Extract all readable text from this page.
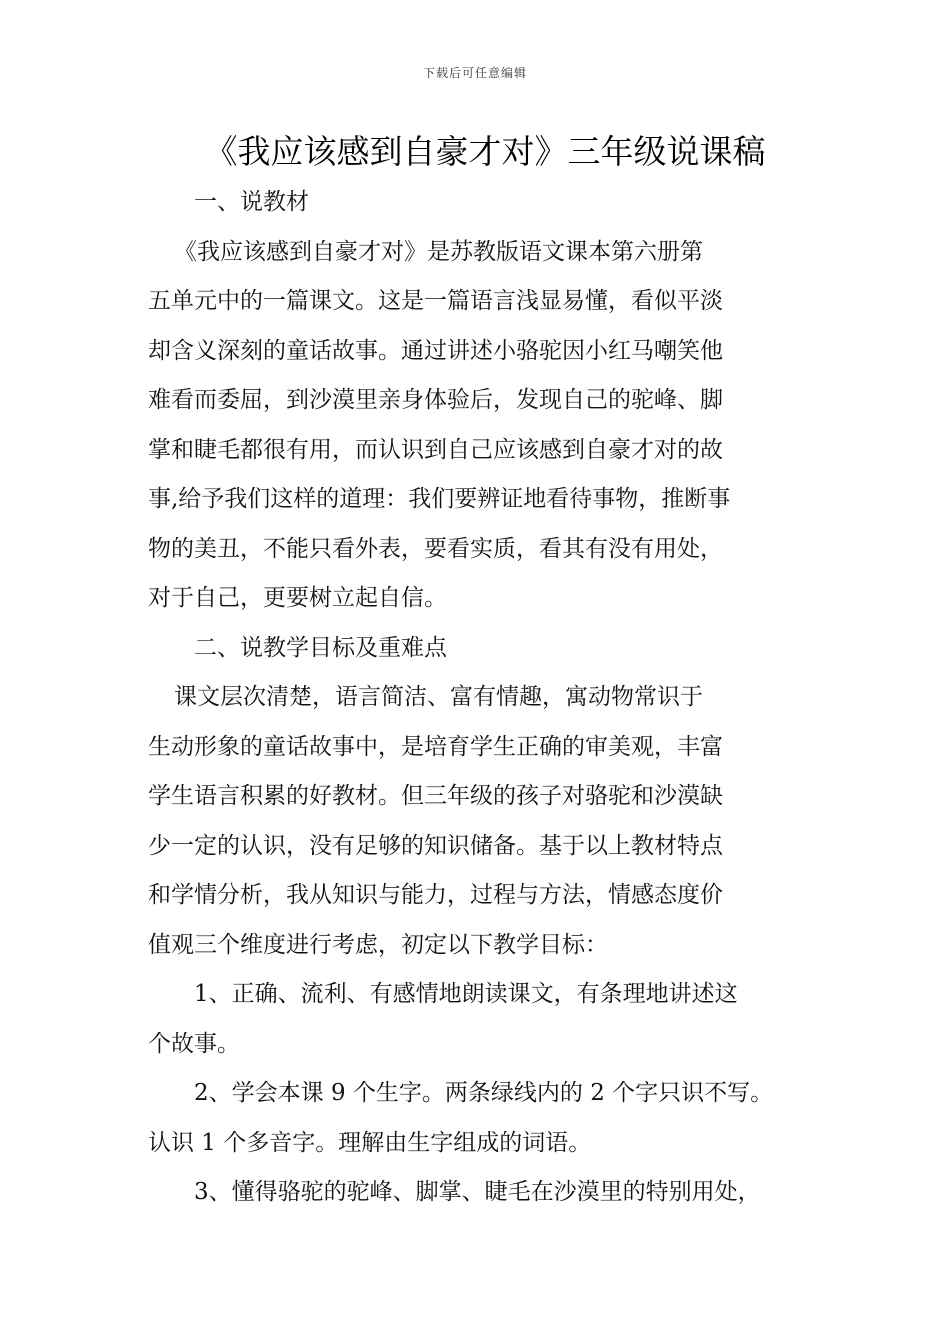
下载后可任意编辑
《我应该感到自豪才对》三年级说课稿

一、说教材

《我应该感到自豪才对》是苏教版语文课本第六册第

五单元中的一篇课文。这是一篇语言浅显易懂，看似平淡

却含义深刻的童话故事。通过讲述小骆驼因小红马嘲笑他

难看而委屈，到沙漠里亲身体验后，发现自己的驼峰、脚

掌和睫毛都很有用，而认识到自己应该感到自豪才对的故

事,给予我们这样的道理：我们要辨证地看待事物，推断事

物的美丑，不能只看外表，要看实质，看其有没有用处，

对于自己，更要树立起自信。

二、说教学目标及重难点

课文层次清楚，语言简洁、富有情趣，寓动物常识于

生动形象的童话故事中，是培育学生正确的审美观，丰富

学生语言积累的好教材。但三年级的孩子对骆驼和沙漠缺

少一定的认识，没有足够的知识储备。基于以上教材特点

和学情分析，我从知识与能力，过程与方法，情感态度价

值观三个维度进行考虑，初定以下教学目标：

1、正确、流利、有感情地朗读课文，有条理地讲述这

个故事。

2、学会本课 9 个生字。两条绿线内的 2 个字只识不写。

认识 1 个多音字。理解由生字组成的词语。

3、懂得骆驼的驼峰、脚掌、睫毛在沙漠里的特别用处，
